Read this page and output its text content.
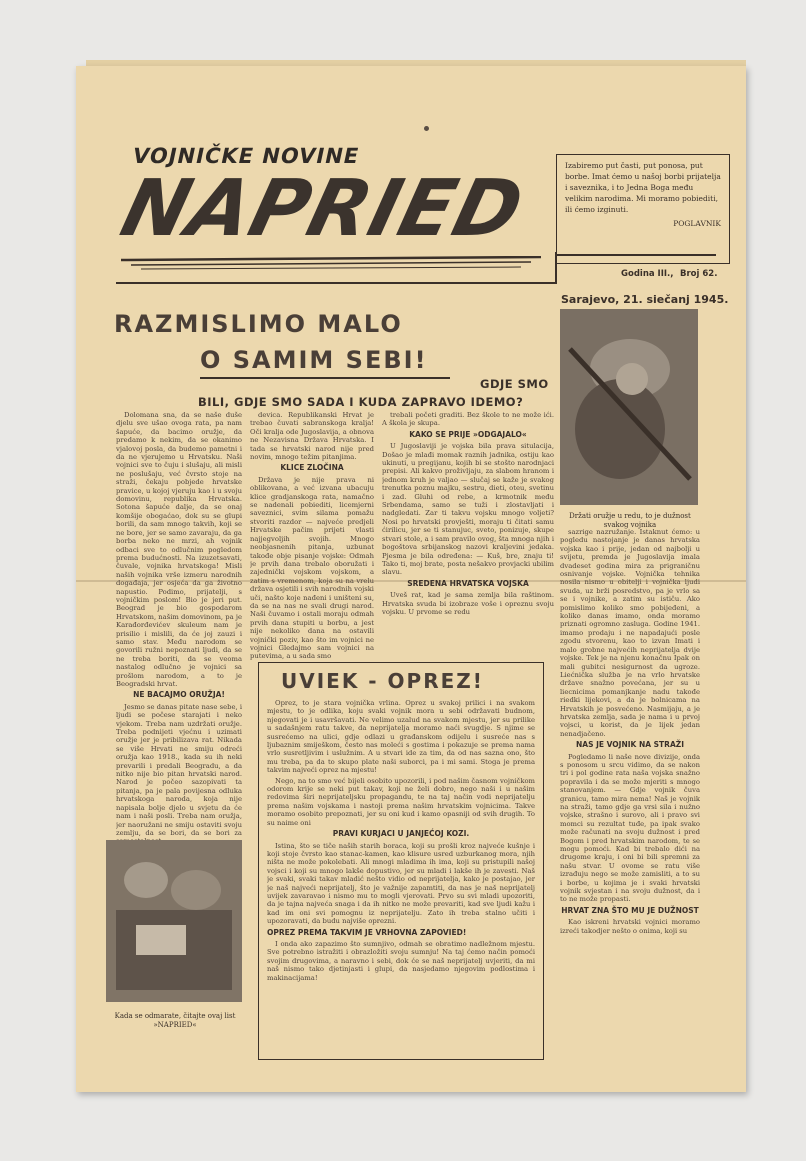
VOJNIČKE NOVINE
NAPRIED	Izabiremo put časti, put ponosa, put borbe. Imat ćemo u našoj borbi prijatelja i saveznika, i to Jedna Boga među velikim narodima. Mi moramo pobiediti, ili ćemo izginuti.
POGLAVNIK
Godina III., Broj 62.
Sarajevo, 21. siečanj 1945.
RAZMISLIMO MALO
O SAMIM SEBI!
GDJE SMO
BILI, GDJE SMO SADA I KUDA ZAPRAVO IDEMO?
Držati oružje u redu, to je dužnost svakog vojnika

Dolomana sna, da se naše duše djelu sve ušao ovoga rata, pa nam šapuće, da bacimo oružje, da predamo k nekim, da se okanimo vjalovoj posla, da budemo pametni i da ne vjerujemo u Hrvatsku. Naši vojnici sve to čuju i slušaju, ali misli ne poslušaju, već čvrsto stoje na straži, čekaju pobjede hrvatske pravice, u kojoj vjeruju kao i u svoju domovinu, republika Hrvatska. Sotona šapuće dalje, da se onaj komšije obogaćao, dok su se glupi borili, da sam mnogo takvih, koji se ne bore, jer se samo zavaraju, da ga borba neko ne mrzi, ah vojnik odbaci sve to odlučnim pogledom prema budućnosti. Na izuzetsavati, čuvale, vojnika hrvatskoga! Misli naših vojnika vrše izmeru narodnih događaja, jer osjeća da ga životno napustio. Podimo, prijatelji, s vojničkim poslom! Bio je jeri put. Beograd je bio gospodarom Hrvatskom, našim domovinom, pa je Karađorđevićev skuleum nam je prisilio i mislili, da će joj zauzi i samo stav. Među narodom se govorili ružni nepoznati ljudi, da se ne treba boriti, da se veoma nastalog odlučno je vojnici sa prošlom narodom, a to je Beogradski hrvat.

NE BACAJMO ORUŽJA!

Jesmo se danas pitate nase sebe, i ljudi se počese starajati i neko vjekom. Treba nam uzdržati oružje. Treba podnijeti vjećnu i uzimati oružje jer je pribilizava rat. Nikada se više Hrvati ne smiju odreći oružja kao 1918., kada su ih neki prevarili i predali Beogradu, a da nitko nije bio pitan hrvatski narod. Narod je počeo sazopivati ta pitanja, pa je pala povijesna odluka hrvatskoga naroda, koja nije napisala bolje djelo u svjetu da će nam i naši posli. Treba nam oružja, jer naoružani ne smiju ostaviti svoju zemlju, da se bori, da se bori za

Kada se odmarate, čitajte ovaj list »NAPRIED«

devica. Republikanski Hrvat je trebao čuvati sabranskoga kralja! Oči kralja ode Jugoslavija, a obnova ne Nezavisna Država Hrvatska. I tada se hrvatski narod nije pred novim, mnogo težim pitanjima.

KLICE ZLOČINA

Država je nije prava ni oblikovana, a već izvana ubacuju klice gradjanskoga rata, namačno se nadenali pobiediti, licemjerni saveznici, svim silama pomažu stvoriti razdor — najveće predjeli Hrvatske pačim prijeti vlasti najjegvoljih svojih. Mnogo neobjasnenih pitanja, uzbunat takođe obje pisanje vojske: Odmah je prvih dana trebalo oboružati i zajednički vojskom vojskom, a zatim s vremenom, koja su na vrelu država osjetili i svih narodnih vojski uči, našto koje nađeni i uništeni su, da se na nas ne svali drugi narod. Naši čuvamo i ostali moraju odmah prvih dana stupiti u borbu, a jest nije nekoliko dana na ostavili vojnički poziv, kao što im vojnici ne vojnici Gledajmo sam vojnici na putevima, a u sada smo

trebali početi graditi. Bez škole to ne može ići. A škola je skupa.

KAKO SE PRIJE »ODGAJALO«

U Jugoslaviji je vojska bila prava situlacija, Došao je mlađi momak raznih jadnika, ostiju kao ukinuti, u pregijanu, kojih bi se stošto narodnjaci prepisi. Ali kakvo proživljaju, za slabom hranom i jednom kruh je valjao — slučaj se kaže je svakog trenutka poznu majku, sestru, dieti, oteu, svetinu i zad. Gluhi od rebe, a krmotnik među Srbendama, samo se tuži i zlostavljati i nadgledati. Zar ti takvu vojsku mnogo voljeti? Nosi po hrvatski provješti, moraju ti čitati samu ćirilicu, jer se ti stanujuc, sveto, ponizuje, skupe stvari stole, a i sam pravilo ovog, šta mnoga njih i bogoštova srbijanskog nazovi kraljevini jedaka. Pjesma je bila određena: — Kuš, bre, znaju ti! Tako ti, moj brate, posta nešakvo provjacki ubilim slavu.

SREDENA HRVATSKA VOJSKA

Uveš rat, kad je sama zemlja bila raštinom. Hrvatska svuda bi izobraze voše i opreznu svoju vojsku. U prvome se redu

sazrige nazružanje. Istaknut ćemo: u pogledu nastojanje je danas hrvatska vojska kao i prije, jedan od najbolji u svijetu, premda je Jugoslavija imala dvadeset godina mira za prigraničnu osnivanje vojske. Vojnička tehnika nosila nismo u obitelji i vojnička ljudi svuda, uz brži posredstvo, pa je vrlo sa se i vojnike, a zatim su ističu. Ako pomislimo koliko smo pobijeđeni, a koliko danas imamo, onda moramo priznati ogromno zasluga. Godine 1941. imamo prodaju i ne napadajući posle zgodu stvorenu, kao to izvan Imati i malo grobne najvećih neprijatelja dvije vojske. Tek je na njenu konačnu Ipak on mali gubitci nesigurnost da ugroze. Liećnička služba je na vrlo hrvatske države snažno povećana, jer su u liecnicima pomanjkanje nadu takođe riedki lijekovi, a da je bolnicama na Hrvatskih je posvećeno. Nasmijaju, a je hrvatska zemlja, sada je nama i u prvoj vojsci, u korist, da je lijek jedan nenadjačeno.

NAS JE VOJNIK NA STRAŽI

Pogledamo li naše nove divizije, onda s ponosom u srcu vidimo, da se nakon tri i pol godine rata naša vojska snažno popravila i da se može mjeriti s mnogo stanovanjem. — Gdje vojnik čuva granicu, tamo mira nema! Naš je vojnik na straži, tamo gdje ga vrsi sila i nužno vojske, strašno i surovo, ali i pravo svi momci su rezultat tuđe, pa ipak svako može računati na svoju dužnost i pred Bogom i pred hrvatskim narodom, te se mogu pomoći. Kad bi trebalo dići na drugome kraju, i oni bi bili spremni za našu stvar. U ovome se ratu više izrađuju nego se može zamisliti, a to su i borbe, u kojima je i svaki hrvatski vojnik svjestan i na svoju dužnost, da i to ne može propasti.

HRVAT ZNA ŠTO MU JE DUŽNOST

Kao iskreni hrvatski vojnici moramo izreći takodjer nešto o onima, koji su

UVIEK - OPREZ!

Oprez, to je stara vojnička vrlina. Oprez u svakoj prilici i na svakom mjestu, to je odlika, koju svaki vojnik mora u sebi održavati budnom, njegovati je i usavršavati. Ne velimo uzalud na svakom mjestu, jer su prilike u sadašnjem ratu takve, da neprijatelja moramo naći svugdje. S njime se susrećemo na ulici, gdje odlazi u građanskom odijelu i susreće nas s ljubaznim smiješkom, često nas moleći s gostima i pokazuje se prema nama vrlo susretljivim i uslužnim. A u stvari ide za tim, da od nas sazna ono, što mu treba, pa da to skupo plate naši suborci, pa i mi sami. Stoga je prema takvim najveći oprez na mjestu!

Nego, na to smo već bijeli osobito upozorili, i pod našim časnom vojničkom odorom krije se neki put takav, koji ne želi dobro, nego naši i u našim redovima širi neprijateljsku propagandu, te na taj način vodi neprijatelju prema našim vojskama i nastoji prema našim hrvatskim vojnicima. Takve moramo osobito prepoznati, jer su oni kud i kamo opasniji od svih drugih. To su naime oni

PRAVI KURJACI U JANJEĆOJ KOZI.

Istina, što se tiče naših starih boraca, koji su prošli kroz najveće kušnje i koji stoje čvrsto kao stanac-kamen, kao klisure usred uzburkanog mora, njih ništa ne može pokolebati. Ali mnogi mladima ih ima, koji su pristupili našoj vojsci i koji su mnogo lakše dopustivo, jer su mladi i lakše ih je zavesti. Naš je svaki, svaki takav mladić nešto vidio od neprijatelja, kako je postajao, jer je naš najveći neprijatelj, što je važnije zapamtiti, da nas je naš neprijatelj uvijek zavaravao i nismo mu to mogli vjerovati. Prvo su svi mladi upozoriti, da je tajna najveća snaga i da ih nitko ne može prevariti, kad sve ljudi kažu i kad im oni svi pomognu iz neprijatelju. Zato ih treba stalno učiti i upozoravati, da budu najviše oprezni.

OPREZ PREMA TAKVIM JE VRHOVNA ZAPOVIED!

I onda ako zapazimo što sumnjivo, odmah se obratimo nadležnom mjestu. Sve potrebno istražiti i obrazložiti svoju sumnju! Na taj ćemo način pomoći svojim drugovima, a naravno i sebi, dok će se naš neprijatelj uvjeriti, da mi naš nismo tako djetinjasti i glupi, da nasjedamo njegovim podlostima i makinacijama!
